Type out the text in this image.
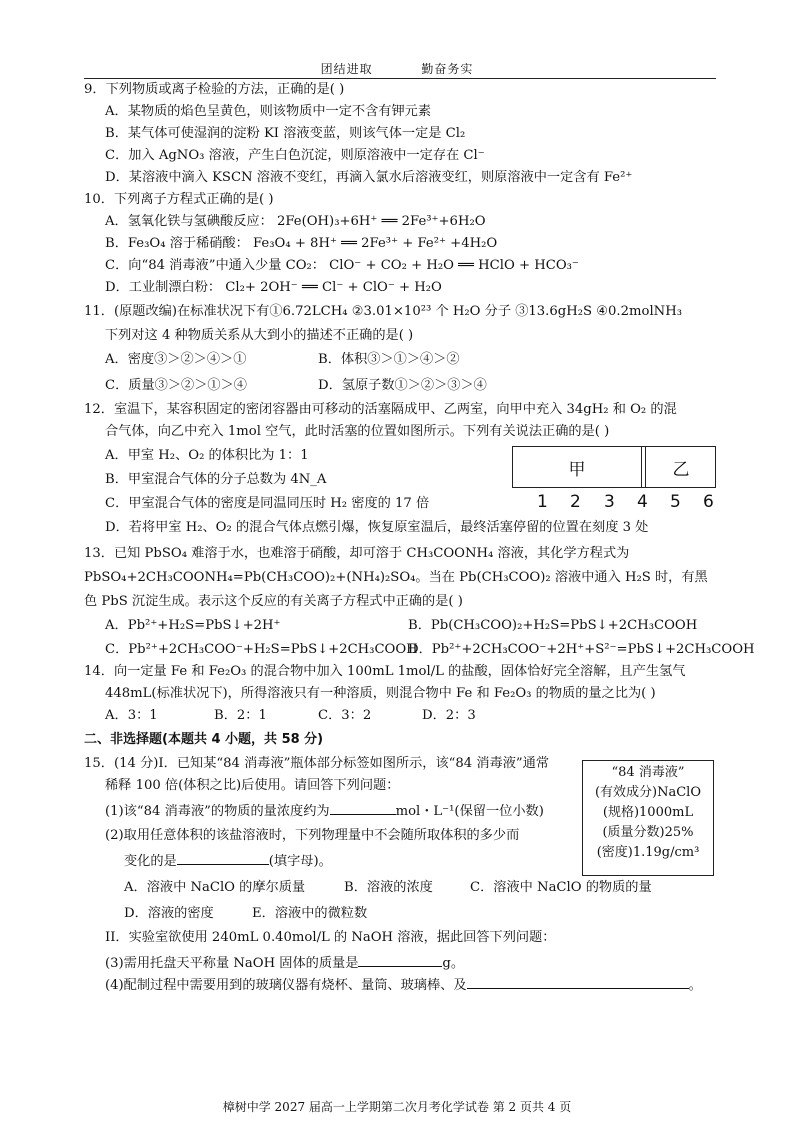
团结进取	勤奋务实
9．下列物质或离子检验的方法，正确的是( )
A．某物质的焰色呈黄色，则该物质中一定不含有钾元素
B．某气体可使湿润的淀粉 KI 溶液变蓝，则该气体一定是 Cl₂
C．加入 AgNO₃ 溶液，产生白色沉淀，则原溶液中一定存在 Cl⁻
D．某溶液中滴入 KSCN 溶液不变红，再滴入氯水后溶液变红，则原溶液中一定含有 Fe²⁺
10．下列离子方程式正确的是( )
A．氢氧化铁与氢碘酸反应： 2Fe(OH)₃+6H⁺ ══ 2Fe³⁺+6H₂O
B．Fe₃O₄ 溶于稀硝酸： Fe₃O₄ + 8H⁺ ══ 2Fe³⁺ + Fe²⁺ +4H₂O
C．向“84 消毒液”中通入少量 CO₂： ClO⁻ + CO₂ + H₂O ══ HClO + HCO₃⁻
D．工业制漂白粉： Cl₂+ 2OH⁻ ══ Cl⁻ + ClO⁻ + H₂O
11．(原题改编)在标准状况下有①6.72LCH₄ ②3.01×10²³ 个 H₂O 分子 ③13.6gH₂S ④0.2molNH₃
下列对这 4 种物质关系从大到小的描述不正确的是( )
A．密度③＞②＞④＞①	B．体积③＞①＞④＞②
C．质量③＞②＞①＞④	D．氢原子数①＞②＞③＞④
12．室温下，某容积固定的密闭容器由可移动的活塞隔成甲、乙两室，向甲中充入 34gH₂ 和 O₂ 的混
合气体，向乙中充入 1mol 空气，此时活塞的位置如图所示。下列有关说法正确的是( )
A．甲室 H₂、O₂ 的体积比为 1：1
B．甲室混合气体的分子总数为 4N_A
C．甲室混合气体的密度是同温同压时 H₂ 密度的 17 倍
D．若将甲室 H₂、O₂ 的混合气体点燃引爆，恢复原室温后，最终活塞停留的位置在刻度 3 处
甲	乙
1 2 3 4 5 6
13．已知 PbSO₄ 难溶于水，也难溶于硝酸，却可溶于 CH₃COONH₄ 溶液，其化学方程式为
PbSO₄+2CH₃COONH₄=Pb(CH₃COO)₂+(NH₄)₂SO₄。当在 Pb(CH₃COO)₂ 溶液中通入 H₂S 时，有黑
色 PbS 沉淀生成。表示这个反应的有关离子方程式中正确的是( )
A．Pb²⁺+H₂S=PbS↓+2H⁺	B．Pb(CH₃COO)₂+H₂S=PbS↓+2CH₃COOH
C．Pb²⁺+2CH₃COO⁻+H₂S=PbS↓+2CH₃COOH
D．Pb²⁺+2CH₃COO⁻+2H⁺+S²⁻=PbS↓+2CH₃COOH
14．向一定量 Fe 和 Fe₂O₃ 的混合物中加入 100mL 1mol/L 的盐酸，固体恰好完全溶解，且产生氢气
448mL(标准状况下)，所得溶液只有一种溶质，则混合物中 Fe 和 Fe₂O₃ 的物质的量之比为( )
A．3：1	B．2：1	C．3：2	D．2：3
二、非选择题(本题共 4 小题，共 58 分)
15．(14 分)I．已知某“84 消毒液”瓶体部分标签如图所示，该“84 消毒液”通常
稀释 100 倍(体积之比)后使用。请回答下列问题：
(1)该“84 消毒液”的物质的量浓度约为	mol・L⁻¹(保留一位小数)
(2)取用任意体积的该盐溶液时，下列物理量中不会随所取体积的多少而
变化的是	(填字母)。
A．溶液中 NaClO 的摩尔质量	B．溶液的浓度	C．溶液中 NaClO 的物质的量
D．溶液的密度	E．溶液中的微粒数
II．实验室欲使用 240mL 0.40mol/L 的 NaOH 溶液，据此回答下列问题：
(3)需用托盘天平称量 NaOH 固体的质量是	g。
(4)配制过程中需要用到的玻璃仪器有烧杯、量筒、玻璃棒、及	。
“84 消毒液”
(有效成分)NaClO
(规格)1000mL
(质量分数)25%
(密度)1.19g/cm³
樟树中学 2027 届高一上学期第二次月考化学试卷 第 2 页共 4 页
